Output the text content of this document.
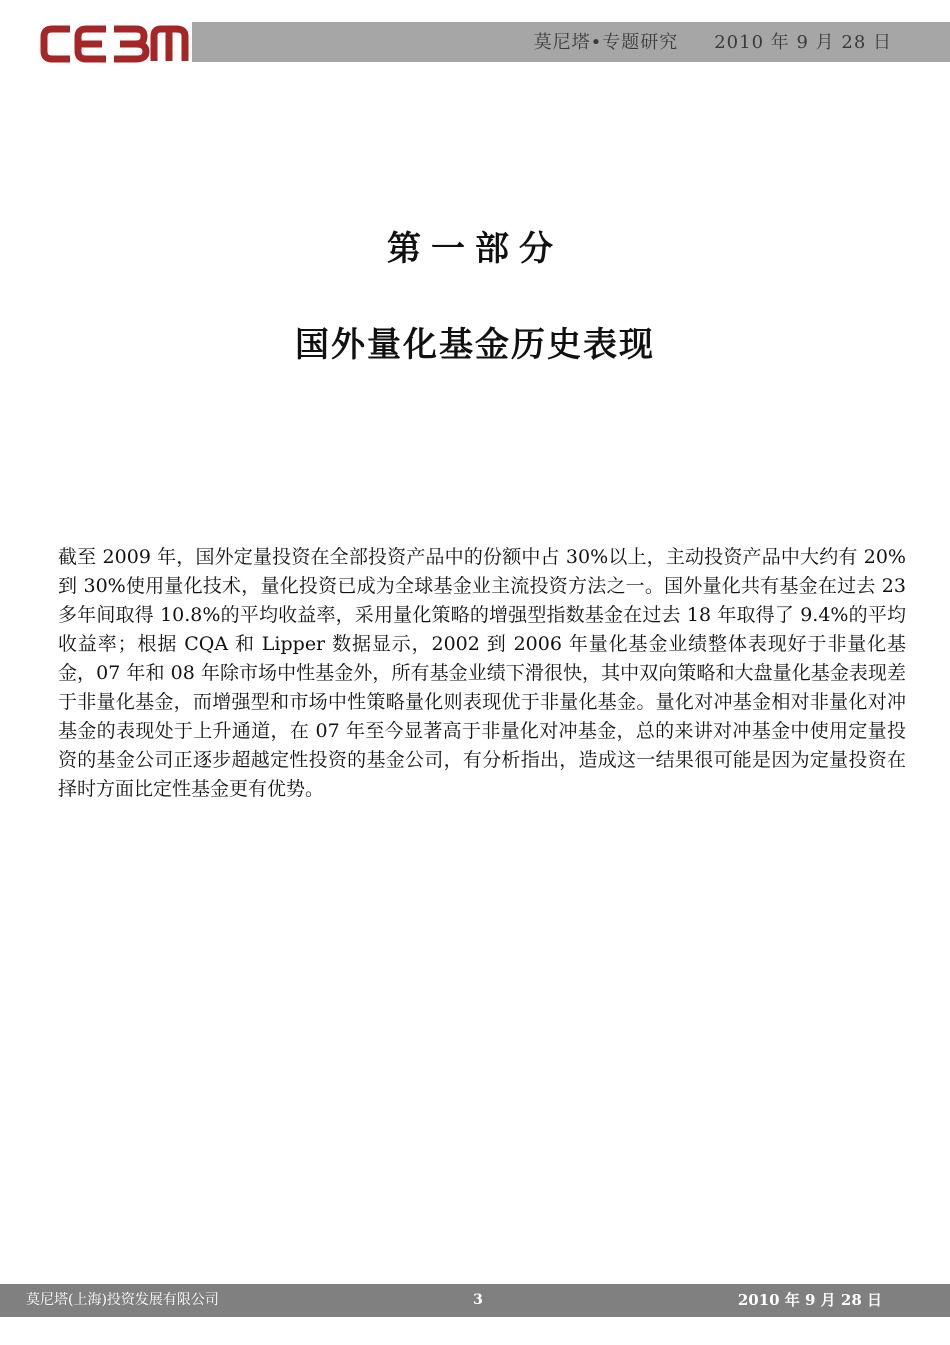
莫尼塔•专题研究 2010 年 9 月 28 日
第一部分
国外量化基金历史表现

截至 2009 年，国外定量投资在全部投资产品中的份额中占 30%以上，主动投资产品中大约有 20%到 30%使用量化技术，量化投资已成为全球基金业主流投资方法之一。国外量化共有基金在过去 23 多年间取得 10.8%的平均收益率，采用量化策略的增强型指数基金在过去 18 年取得了 9.4%的平均收益率；根据 CQA 和 Lipper 数据显示，2002 到 2006 年量化基金业绩整体表现好于非量化基金，07 年和 08 年除市场中性基金外，所有基金业绩下滑很快，其中双向策略和大盘量化基金表现差于非量化基金，而增强型和市场中性策略量化则表现优于非量化基金。量化对冲基金相对非量化对冲基金的表现处于上升通道，在 07 年至今显著高于非量化对冲基金，总的来讲对冲基金中使用定量投资的基金公司正逐步超越定性投资的基金公司，有分析指出，造成这一结果很可能是因为定量投资在择时方面比定性基金更有优势。

莫尼塔(上海)投资发展有限公司	3	2010 年 9 月 28 日
